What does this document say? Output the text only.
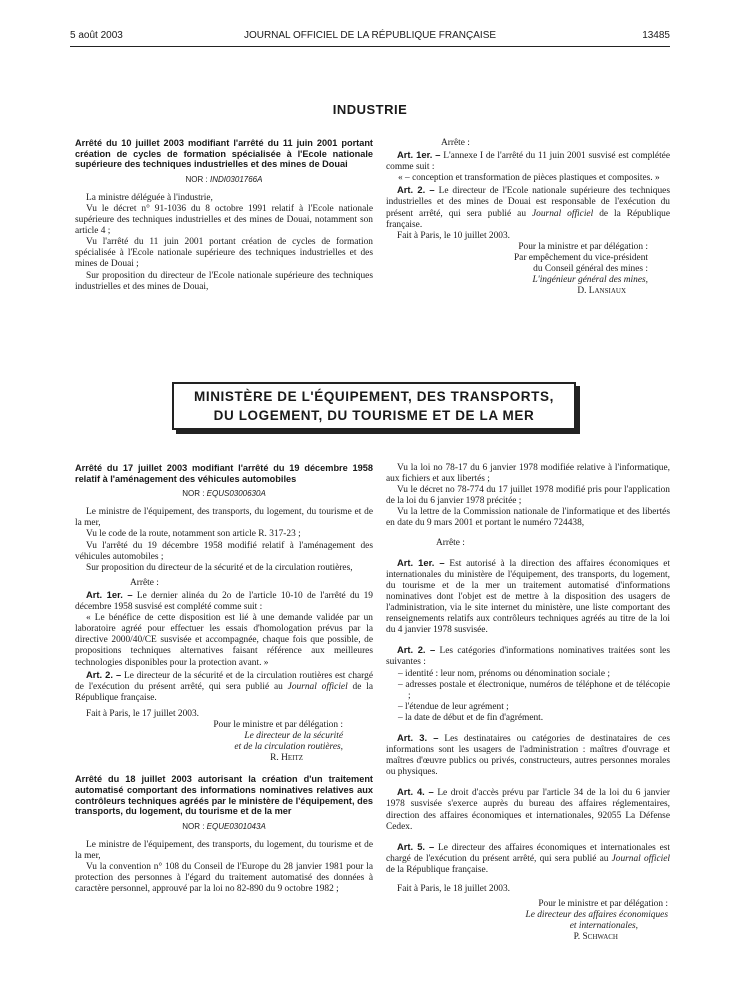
5 août 2003	JOURNAL OFFICIEL DE LA RÉPUBLIQUE FRANÇAISE	13485
INDUSTRIE
Arrêté du 10 juillet 2003 modifiant l'arrêté du 11 juin 2001 portant création de cycles de formation spécialisée à l'Ecole nationale supérieure des techniques industrielles et des mines de Douai
NOR : INDI0301766A

La ministre déléguée à l'industrie,

Vu le décret n° 91-1036 du 8 octobre 1991 relatif à l'Ecole nationale supérieure des techniques industrielles et des mines de Douai, notamment son article 4 ;

Vu l'arrêté du 11 juin 2001 portant création de cycles de formation spécialisée à l'Ecole nationale supérieure des techniques industrielles et des mines de Douai ;

Sur proposition du directeur de l'Ecole nationale supérieure des techniques industrielles et des mines de Douai,

Arrête :

Art. 1er. – L'annexe I de l'arrêté du 11 juin 2001 susvisé est complétée comme suit :

« – conception et transformation de pièces plastiques et composites. »

Art. 2. – Le directeur de l'Ecole nationale supérieure des techniques industrielles et des mines de Douai est responsable de l'exécution du présent arrêté, qui sera publié au Journal officiel de la République française.

Fait à Paris, le 10 juillet 2003.

Pour la ministre et par délégation :
Par empêchement du vice-président
du Conseil général des mines :
L'ingénieur général des mines,
D. Lansiaux
MINISTÈRE DE L'ÉQUIPEMENT, DES TRANSPORTS,
DU LOGEMENT, DU TOURISME ET DE LA MER
Arrêté du 17 juillet 2003 modifiant l'arrêté du 19 décembre 1958 relatif à l'aménagement des véhicules automobiles
NOR : EQUS0300630A

Le ministre de l'équipement, des transports, du logement, du tourisme et de la mer,

Vu le code de la route, notamment son article R. 317-23 ;

Vu l'arrêté du 19 décembre 1958 modifié relatif à l'aménagement des véhicules automobiles ;

Sur proposition du directeur de la sécurité et de la circulation routières,

Arrête :

Art. 1er. – Le dernier alinéa du 2o de l'article 10-10 de l'arrêté du 19 décembre 1958 susvisé est complété comme suit :

« Le bénéfice de cette disposition est lié à une demande validée par un laboratoire agréé pour effectuer les essais d'homologation prévus par la directive 2000/40/CE susvisée et accompagnée, chaque fois que possible, de propositions techniques alternatives faisant référence aux meilleures technologies disponibles pour la protection avant. »

Art. 2. – Le directeur de la sécurité et de la circulation routières est chargé de l'exécution du présent arrêté, qui sera publié au Journal officiel de la République française.

Fait à Paris, le 17 juillet 2003.

Pour le ministre et par délégation :
Le directeur de la sécurité
et de la circulation routières,
R. Heitz
Arrêté du 18 juillet 2003 autorisant la création d'un traitement automatisé comportant des informations nominatives relatives aux contrôleurs techniques agréés par le ministère de l'équipement, des transports, du logement, du tourisme et de la mer
NOR : EQUE0301043A

Le ministre de l'équipement, des transports, du logement, du tourisme et de la mer,

Vu la convention n° 108 du Conseil de l'Europe du 28 janvier 1981 pour la protection des personnes à l'égard du traitement automatisé des données à caractère personnel, approuvé par la loi no 82-890 du 9 octobre 1982 ;

Vu la loi no 78-17 du 6 janvier 1978 modifiée relative à l'informatique, aux fichiers et aux libertés ;

Vu le décret no 78-774 du 17 juillet 1978 modifié pris pour l'application de la loi du 6 janvier 1978 précitée ;

Vu la lettre de la Commission nationale de l'informatique et des libertés en date du 9 mars 2001 et portant le numéro 724438,

Arrête :

Art. 1er. – Est autorisé à la direction des affaires économiques et internationales du ministère de l'équipement, des transports, du logement, du tourisme et de la mer un traitement automatisé d'informations nominatives dont l'objet est de mettre à la disposition des usagers de l'administration, via le site internet du ministère, une liste comportant des renseignements relatifs aux contrôleurs techniques agréés au titre de la loi du 4 janvier 1978 susvisée.

Art. 2. – Les catégories d'informations nominatives traitées sont les suivantes :

– identité : leur nom, prénoms ou dénomination sociale ;

– adresses postale et électronique, numéros de téléphone et de télécopie ;

– l'étendue de leur agrément ;

– la date de début et de fin d'agrément.

Art. 3. – Les destinataires ou catégories de destinataires de ces informations sont les usagers de l'administration : maîtres d'ouvrage et maîtres d'œuvre publics ou privés, constructeurs, autres personnes morales ou physiques.

Art. 4. – Le droit d'accès prévu par l'article 34 de la loi du 6 janvier 1978 susvisée s'exerce auprès du bureau des affaires réglementaires, direction des affaires économiques et internationales, 92055 La Défense Cedex.

Art. 5. – Le directeur des affaires économiques et internationales est chargé de l'exécution du présent arrêté, qui sera publié au Journal officiel de la République française.

Fait à Paris, le 18 juillet 2003.

Pour le ministre et par délégation :
Le directeur des affaires économiques
et internationales,
P. Schwach
